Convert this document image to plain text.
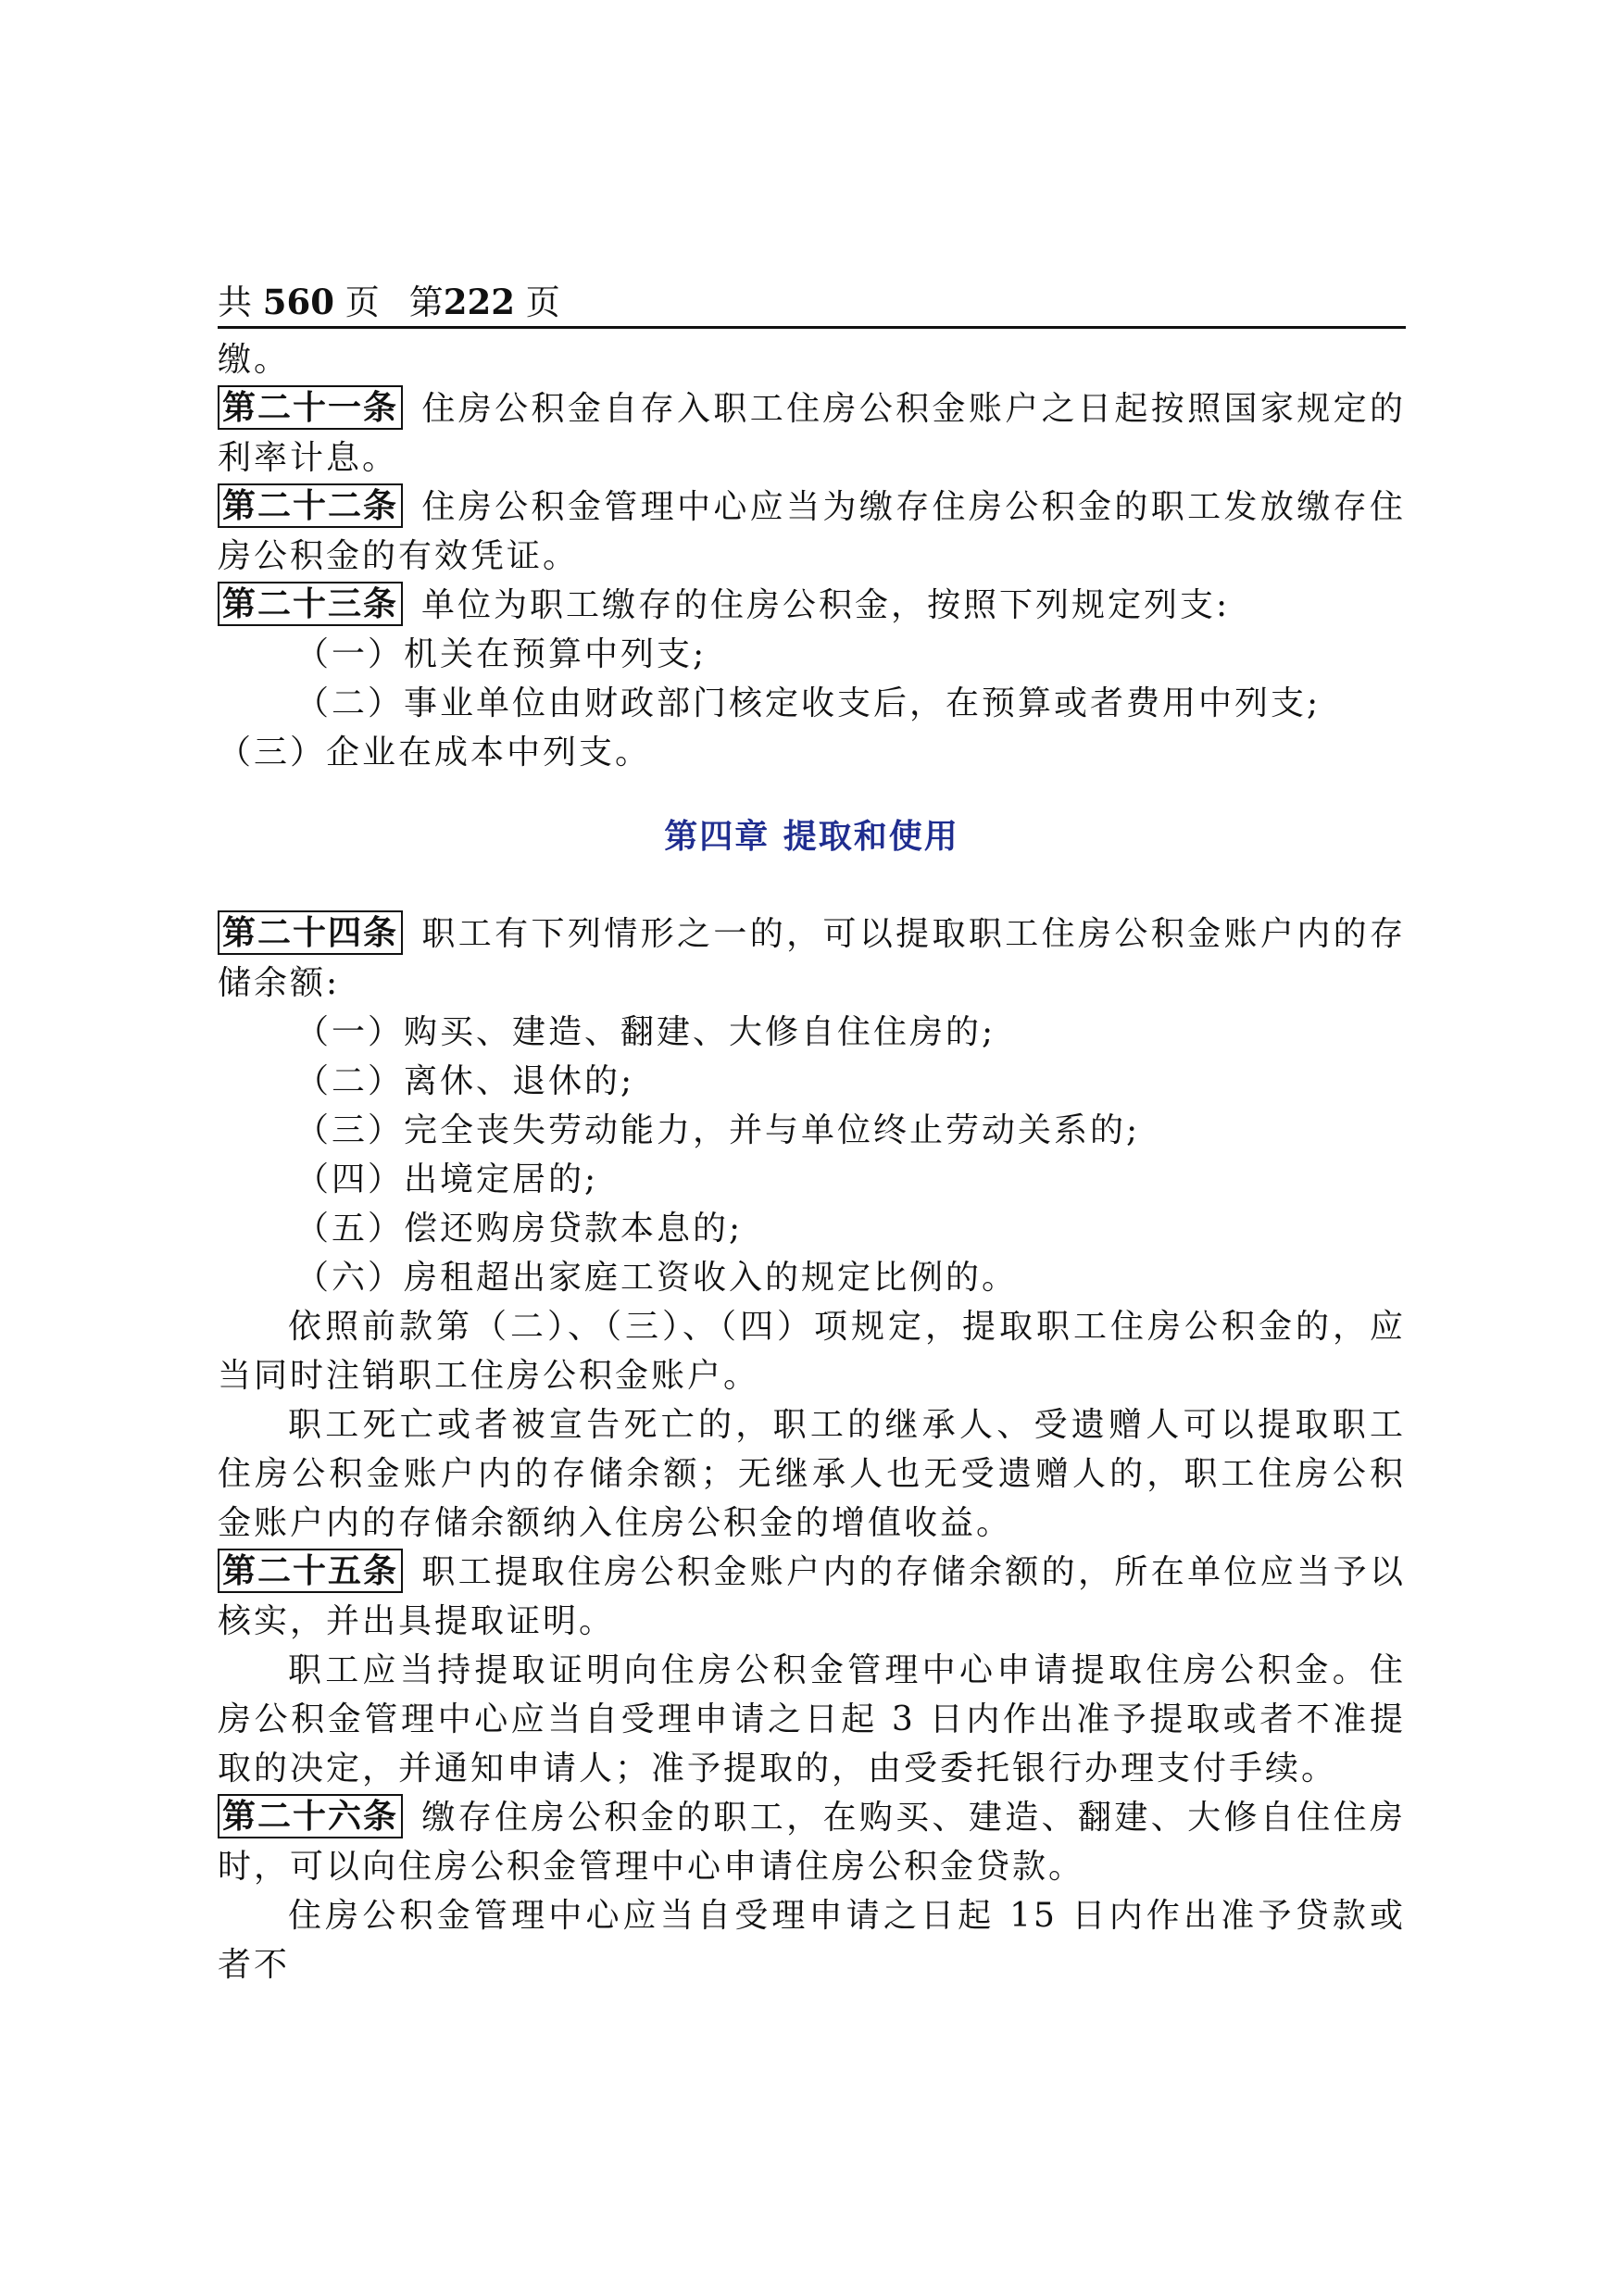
共 560 页 第222 页

缴。

第二十一条 住房公积金自存入职工住房公积金账户之日起按照国家规定的利率计息。

第二十二条 住房公积金管理中心应当为缴存住房公积金的职工发放缴存住房公积金的有效凭证。

第二十三条 单位为职工缴存的住房公积金，按照下列规定列支:

（一）机关在预算中列支;

（二）事业单位由财政部门核定收支后，在预算或者费用中列支;

（三）企业在成本中列支。

第四章 提取和使用

第二十四条 职工有下列情形之一的，可以提取职工住房公积金账户内的存储余额:

（一）购买、建造、翻建、大修自住住房的;

（二）离休、退休的;

（三）完全丧失劳动能力，并与单位终止劳动关系的;

（四）出境定居的;

（五）偿还购房贷款本息的;

（六）房租超出家庭工资收入的规定比例的。

依照前款第（二）、（三）、（四）项规定，提取职工住房公积金的，应当同时注销职工住房公积金账户。

职工死亡或者被宣告死亡的，职工的继承人、受遗赠人可以提取职工住房公积金账户内的存储余额；无继承人也无受遗赠人的，职工住房公积金账户内的存储余额纳入住房公积金的增值收益。

第二十五条 职工提取住房公积金账户内的存储余额的，所在单位应当予以核实，并出具提取证明。

职工应当持提取证明向住房公积金管理中心申请提取住房公积金。住房公积金管理中心应当自受理申请之日起 3 日内作出准予提取或者不准提取的决定，并通知申请人；准予提取的，由受委托银行办理支付手续。

第二十六条 缴存住房公积金的职工，在购买、建造、翻建、大修自住住房时，可以向住房公积金管理中心申请住房公积金贷款。

住房公积金管理中心应当自受理申请之日起 15 日内作出准予贷款或者不
